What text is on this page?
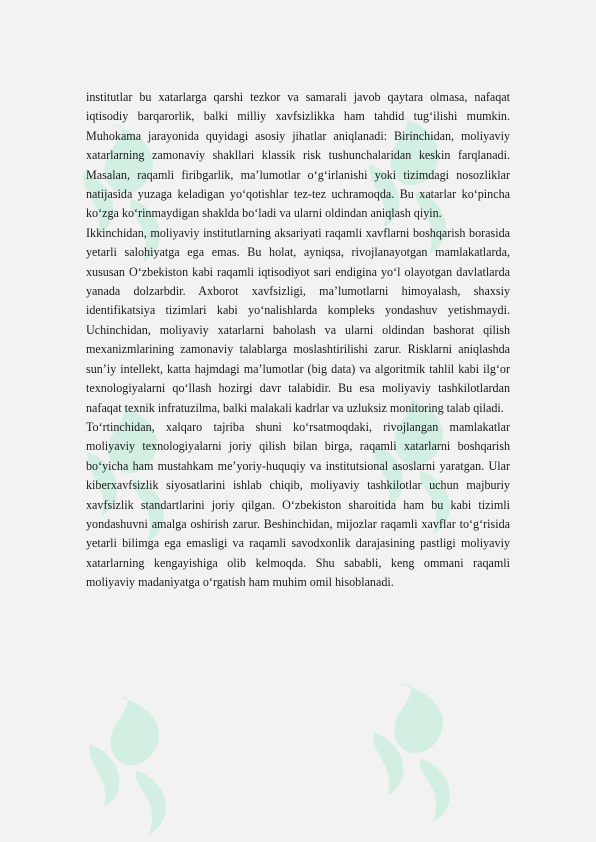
institutlar bu xatarlarga qarshi tezkor va samarali javob qaytara olmasa, nafaqat iqtisodiy barqarorlik, balki milliy xavfsizlikka ham tahdid tug‘ilishi mumkin. Muhokama jarayonida quyidagi asosiy jihatlar aniqlanadi: Birinchidan, moliyaviy xatarlarning zamonaviy shakllari klassik risk tushunchalaridan keskin farqlanadi. Masalan, raqamli firibgarlik, ma’lumotlar o‘g‘irlanishi yoki tizimdagi nosozliklar natijasida yuzaga keladigan yo‘qotishlar tez-tez uchramoqda. Bu xatarlar ko‘pincha ko‘zga ko‘rinmaydigan shaklda bo‘ladi va ularni oldindan aniqlash qiyin.

Ikkinchidan, moliyaviy institutlarning aksariyati raqamli xavflarni boshqarish borasida yetarli salohiyatga ega emas. Bu holat, ayniqsa, rivojlanayotgan mamlakatlarda, xususan O‘zbekiston kabi raqamli iqtisodiyot sari endigina yo‘l olayotgan davlatlarda yanada dolzarbdir. Axborot xavfsizligi, ma’lumotlarni himoyalash, shaxsiy identifikatsiya tizimlari kabi yo‘nalishlarda kompleks yondashuv yetishmaydi. Uchinchidan, moliyaviy xatarlarni baholash va ularni oldindan bashorat qilish mexanizmlarining zamonaviy talablarga moslashtirilishi zarur. Risklarni aniqlashda sun’iy intellekt, katta hajmdagi ma’lumotlar (big data) va algoritmik tahlil kabi ilg‘or texnologiyalarni qo‘llash hozirgi davr talabidir. Bu esa moliyaviy tashkilotlardan nafaqat texnik infratuzilma, balki malakali kadrlar va uzluksiz monitoring talab qiladi.

To‘rtinchidan, xalqaro tajriba shuni ko‘rsatmoqdaki, rivojlangan mamlakatlar moliyaviy texnologiyalarni joriy qilish bilan birga, raqamli xatarlarni boshqarish bo‘yicha ham mustahkam me’yoriy-huquqiy va institutsional asoslarni yaratgan. Ular kiberxavfsizlik siyosatlarini ishlab chiqib, moliyaviy tashkilotlar uchun majburiy xavfsizlik standartlarini joriy qilgan. O‘zbekiston sharoitida ham bu kabi tizimli yondashuvni amalga oshirish zarur. Beshinchidan, mijozlar raqamli xavflar to‘g‘risida yetarli bilimga ega emasligi va raqamli savodxonlik darajasining pastligi moliyaviy xatarlarning kengayishiga olib kelmoqda. Shu sababli, keng ommani raqamli moliyaviy madaniyatga o‘rgatish ham muhim omil hisoblanadi.
